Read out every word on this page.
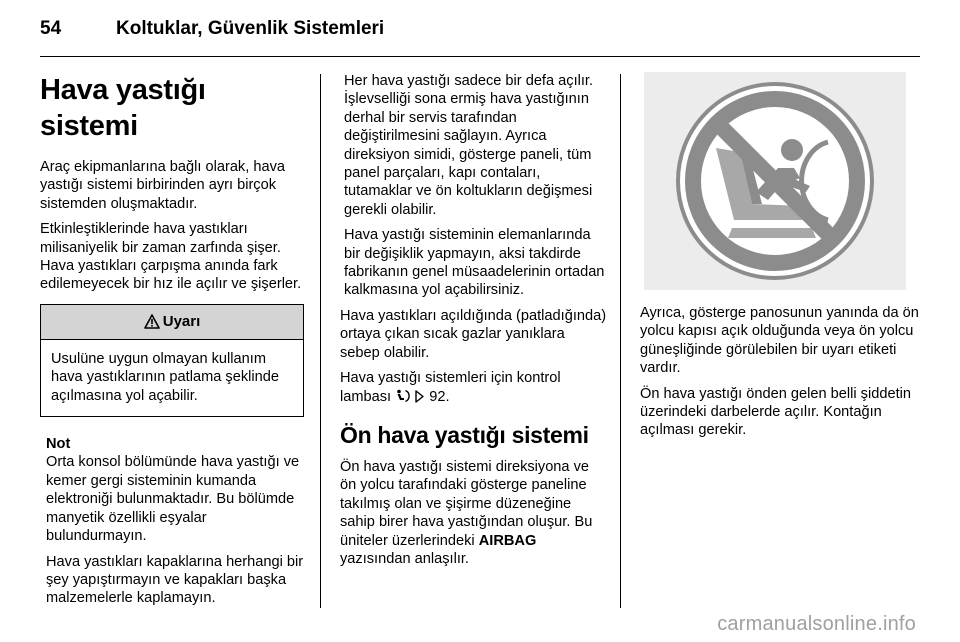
54	Koltuklar, Güvenlik Sistemleri
Hava yastığı sistemi

Araç ekipmanlarına bağlı olarak, hava yastığı sistemi birbirinden ayrı birçok sistemden oluşmaktadır.

Etkinleştiklerinde hava yastıkları milisaniyelik bir zaman zarfında şişer. Hava yastıkları çarpışma anında fark edilemeyecek bir hız ile açılır ve şişerler.

Uyarı

Usulüne uygun olmayan kullanım hava yastıklarının patlama şeklinde açılmasına yol açabilir.

Not

Orta konsol bölümünde hava yastığı ve kemer gergi sisteminin kumanda elektroniği bulunmaktadır. Bu bölümde manyetik özellikli eşyalar bulundurmayın.

Hava yastıkları kapaklarına herhangi bir şey yapıştırmayın ve kapakları başka malzemelerle kaplamayın.

Her hava yastığı sadece bir defa açılır. İşlevselliği sona ermiş hava yastığının derhal bir servis tarafından değiştirilmesini sağlayın. Ayrıca direksiyon simidi, gösterge paneli, tüm panel parçaları, kapı contaları, tutamaklar ve ön koltukların değişmesi gerekli olabilir.

Hava yastığı sisteminin elemanlarında bir değişiklik yapmayın, aksi takdirde fabrikanın genel müsaadelerinin ortadan kalkmasına yol açabilirsiniz.

Hava yastıkları açıldığında (patladığında) ortaya çıkan sıcak gazlar yanıklara sebep olabilir.

Hava yastığı sistemleri için kontrol lambası	92.

Ön hava yastığı sistemi

Ön hava yastığı sistemi direksiyona ve ön yolcu tarafındaki gösterge paneline takılmış olan ve şişirme düzeneğine sahip birer hava yastığından oluşur. Bu üniteler üzerlerindeki AIRBAG yazısından anlaşılır.

Ayrıca, gösterge panosunun yanında da ön yolcu kapısı açık olduğunda veya ön yolcu güneşliğinde görülebilen bir uyarı etiketi vardır.

Ön hava yastığı önden gelen belli şiddetin üzerindeki darbelerde açılır. Kontağın açılması gerekir.

carmanualsonline.info
